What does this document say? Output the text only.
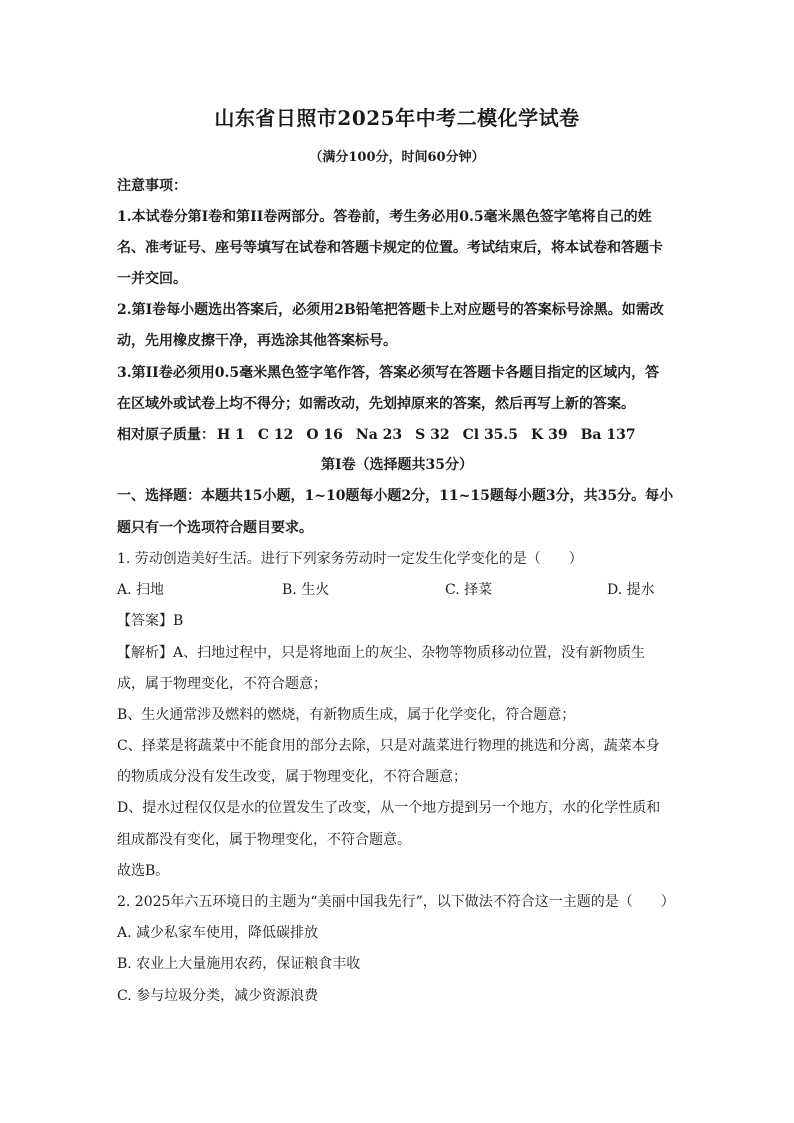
山东省日照市2025年中考二模化学试卷
（满分100分，时间60分钟）
注意事项：
1.本试卷分第I卷和第II卷两部分。答卷前，考生务必用0.5毫米黑色签字笔将自己的姓
名、准考证号、座号等填写在试卷和答题卡规定的位置。考试结束后，将本试卷和答题卡
一并交回。
2.第I卷每小题选出答案后，必须用2B铅笔把答题卡上对应题号的答案标号涂黑。如需改
动，先用橡皮擦干净，再选涂其他答案标号。
3.第II卷必须用0.5毫米黑色签字笔作答，答案必须写在答题卡各题目指定的区域内，答
在区域外或试卷上均不得分；如需改动，先划掉原来的答案，然后再写上新的答案。
相对原子质量： H 1 C 12 O 16 Na 23 S 32 Cl 35.5 K 39 Ba 137
第I卷（选择题共35分）
一、选择题：本题共15小题，1~10题每小题2分，11~15题每小题3分，共35分。每小
题只有一个选项符合题目要求。
1. 劳动创造美好生活。进行下列家务劳动时一定发生化学变化的是（　　）
A. 扫地	B. 生火	C. 择菜	D. 提水
【答案】B
【解析】A、扫地过程中，只是将地面上的灰尘、杂物等物质移动位置，没有新物质生
成，属于物理变化，不符合题意；
B、生火通常涉及燃料的燃烧，有新物质生成，属于化学变化，符合题意；
C、择菜是将蔬菜中不能食用的部分去除，只是对蔬菜进行物理的挑选和分离，蔬菜本身
的物质成分没有发生改变，属于物理变化，不符合题意；
D、提水过程仅仅是水的位置发生了改变，从一个地方提到另一个地方，水的化学性质和
组成都没有变化，属于物理变化，不符合题意。
故选B。
2. 2025年六五环境日的主题为“美丽中国我先行”，以下做法不符合这一主题的是（　　）
A. 减少私家车使用，降低碳排放
B. 农业上大量施用农药，保证粮食丰收
C. 参与垃圾分类，减少资源浪费
